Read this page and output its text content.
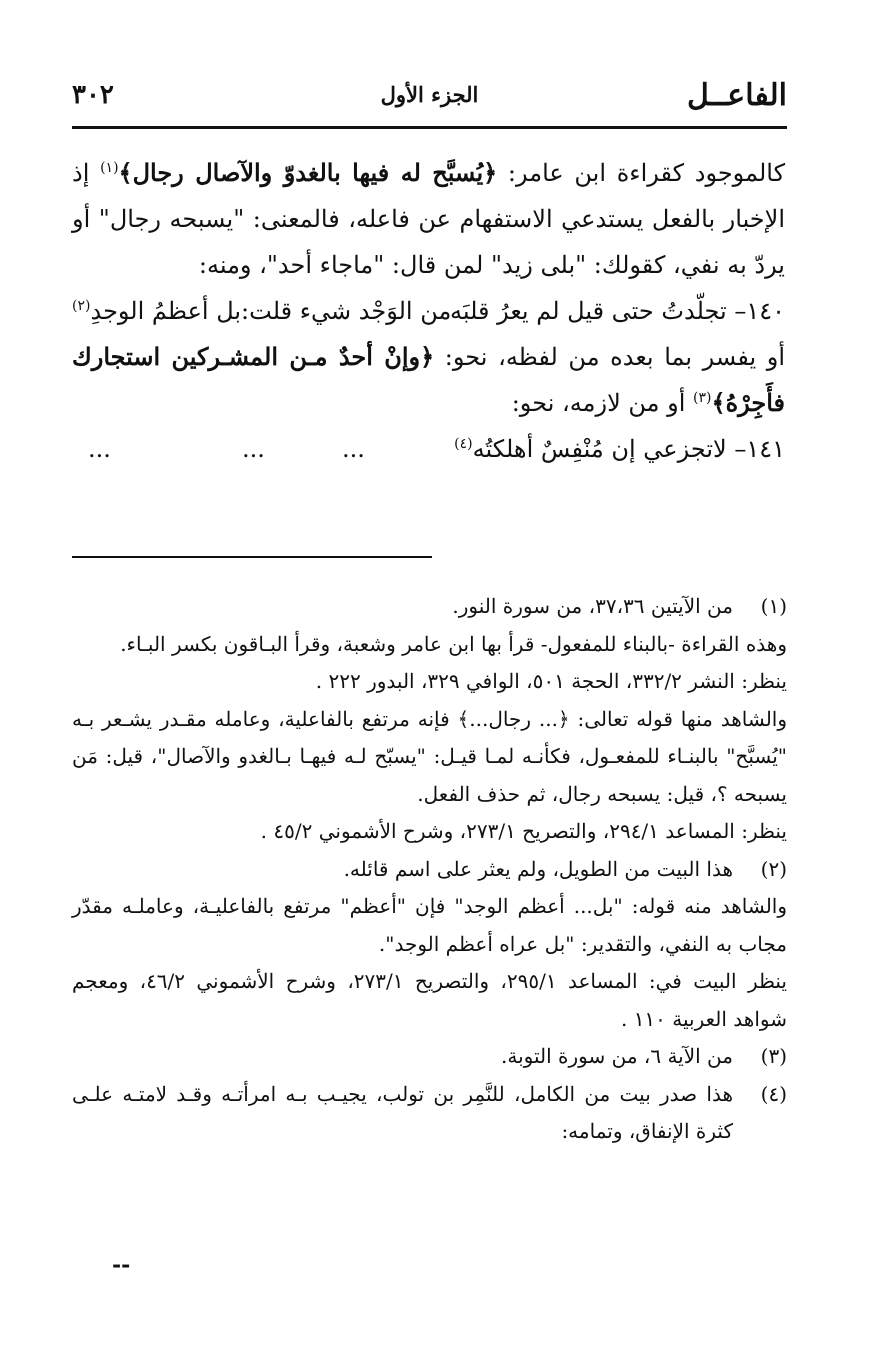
الفاعــل
الجزء الأول
٣٠٢

كالموجود كقراءة ابن عامر: ﴿يُسبَّح له فيها بالغدوّ والآصال رجال﴾$^{(١)}$ إذ الإخبار بالفعل يستدعي الاستفهام عن فاعله، فالمعنى: "يسبحه رجال" أو يردّ به نفي، كقولك: "بلى زيد" لمن قال: "ماجاء أحد"، ومنه:

١٤٠– تجلّدتُ حتى قيل لم يعرُ قلبَه
من الوَجْد شيء قلت:بل أعظمُ الوجدِ$^{(٢)}$

أو يفسر بما بعده من لفظه، نحو: ﴿وإنْ أحدٌ مـن المشـركين استجارك فأَجِرْهُ﴾$^{(٣)}$ أو من لازمه، نحو:

١٤١– لاتجزعي إن مُنْفِسٌ أهلكتُه$^{(٤)}$
...
...
...
(١)

من الآيتين ٣٧،٣٦، من سورة النور.

وهذه القراءة -بالبناء للمفعول- قرأ بها ابن عامر وشعبة، وقرأ البـاقون بكسر البـاء.

ينظر: النشر ٣٣٢/٢، الحجة ٥٠١، الوافي ٣٢٩، البدور ٢٢٢ .

والشاهد منها قوله تعالى: ﴿... رجال...﴾ فإنه مرتفع بالفاعلية، وعامله مقـدر يشـعر بـه "يُسبَّح" بالبنـاء للمفعـول، فكأنـه لمـا قيـل: "يسبّح لـه فيهـا بـالغدو والآصال"، قيل: مَن يسبحه ؟، قيل: يسبحه رجال، ثم حذف الفعل.

ينظر: المساعد ٢٩٤/١، والتصريح ٢٧٣/١، وشرح الأشموني ٤٥/٢ .

(٢)

هذا البيت من الطويل، ولم يعثر على اسم قائله.

والشاهد منه قوله: "بل... أعظم الوجد" فإن "أعظم" مرتفع بالفاعليـة، وعاملـه مقدّر مجاب به النفي، والتقدير: "بل عراه أعظم الوجد".

ينظر البيت في: المساعد ٢٩٥/١، والتصريح ٢٧٣/١، وشرح الأشموني ٤٦/٢، ومعجم شواهد العربية ١١٠ .

(٣)

من الآية ٦، من سورة التوبة.

(٤)

هذا صدر بيت من الكامل، للنَّمِر بن تولب، يجيـب بـه امرأتـه وقـد لامتـه علـى كثرة الإنفاق، وتمامه:

--
